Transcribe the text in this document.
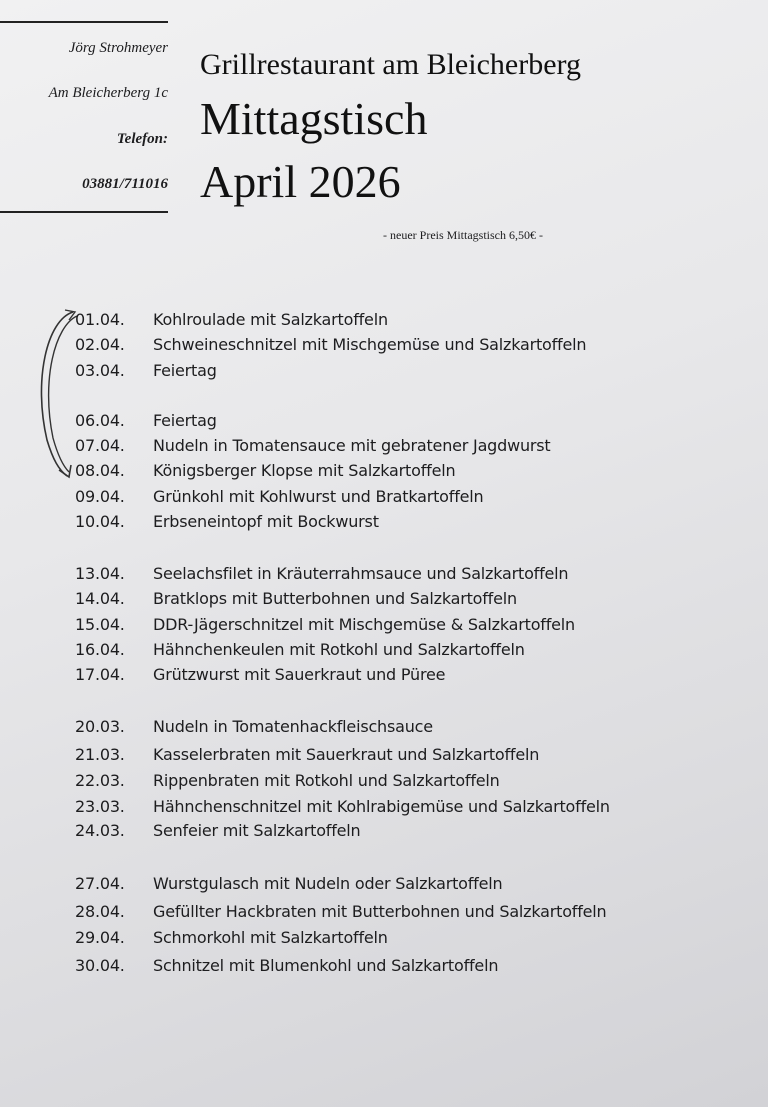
Jörg Strohmeyer
Am Bleicherberg 1c
Telefon:
03881/711016
Grillrestaurant am Bleicherberg
Mittagstisch
April 2026
- neuer Preis Mittagstisch 6,50€ -
01.04. Kohlroulade mit Salzkartoffeln
02.04. Schweineschnitzel mit Mischgemüse und Salzkartoffeln
03.04. Feiertag
06.04. Feiertag
07.04. Nudeln in Tomatensauce mit gebratener Jagdwurst
08.04. Königsberger Klopse mit Salzkartoffeln
09.04. Grünkohl mit Kohlwurst und Bratkartoffeln
10.04. Erbseneintopf mit Bockwurst
13.04. Seelachsfilet in Kräuterrahmsauce und Salzkartoffeln
14.04. Bratklops mit Butterbohnen und Salzkartoffeln
15.04. DDR-Jägerschnitzel mit Mischgemüse & Salzkartoffeln
16.04. Hähnchenkeulen mit Rotkohl und Salzkartoffeln
17.04. Grützwurst mit Sauerkraut und Püree
20.03. Nudeln in Tomatenhackfleischsauce
21.03. Kasselerbraten mit Sauerkraut und Salzkartoffeln
22.03. Rippenbraten mit Rotkohl und Salzkartoffeln
23.03. Hähnchenschnitzel mit Kohlrabigemüse und Salzkartoffeln
24.03. Senfeier mit Salzkartoffeln
27.04. Wurstgulasch mit Nudeln oder Salzkartoffeln
28.04. Gefüllter Hackbraten mit Butterbohnen und Salzkartoffeln
29.04. Schmorkohl mit Salzkartoffeln
30.04. Schnitzel mit Blumenkohl und Salzkartoffeln
